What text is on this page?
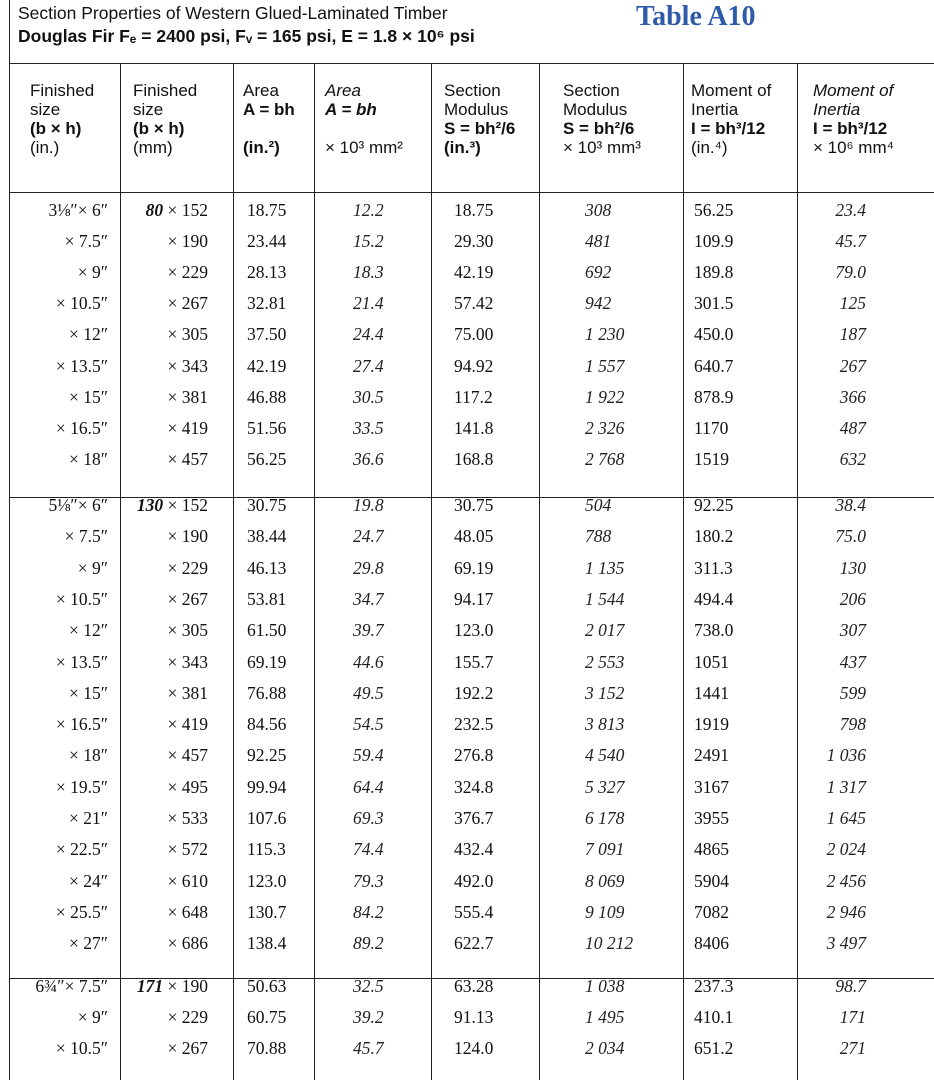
Section Properties of Western Glued-Laminated Timber
Douglas Fir Fₑ = 2400 psi, Fᵥ = 165 psi, E = 1.8 × 10⁶ psi
Table A10
Finished
size
(b × h)
(in.)
Finished
size
(b × h)
(mm)
Area
A = bh

(in.²)
Area
A = bh

× 10³ mm²
Section
Modulus
S = bh²/6
(in.³)
Section
Modulus
S = bh²/6
× 10³ mm³
Moment of
Inertia
I = bh³/12
(in.⁴)
Moment of
Inertia
I = bh³/12
× 10⁶ mm⁴
3⅛″× 6″	80 × 152 18.75	12.2	18.75	308	56.25	23.4
× 7.5″	× 190 23.44	15.2	29.30	481	109.9	45.7
× 9″	× 229 28.13	18.3	42.19	692	189.8	79.0
× 10.5″	× 267 32.81	21.4	57.42	942	301.5	125
× 12″	× 305 37.50	24.4	75.00	1 230	450.0	187
× 13.5″	× 343 42.19	27.4	94.92	1 557	640.7	267
× 15″	× 381 46.88	30.5	117.2	1 922	878.9	366
× 16.5″	× 419 51.56	33.5	141.8	2 326	1170	487
× 18″	× 457 56.25	36.6	168.8	2 768	1519	632
5⅛″× 6″	130 × 152 30.75	19.8	30.75	504	92.25	38.4
× 7.5″	× 190 38.44	24.7	48.05	788	180.2	75.0
× 9″	× 229 46.13	29.8	69.19	1 135	311.3	130
× 10.5″	× 267 53.81	34.7	94.17	1 544	494.4	206
× 12″	× 305 61.50	39.7	123.0	2 017	738.0	307
× 13.5″	× 343 69.19	44.6	155.7	2 553	1051	437
× 15″	× 381 76.88	49.5	192.2	3 152	1441	599
× 16.5″	× 419 84.56	54.5	232.5	3 813	1919	798
× 18″	× 457 92.25	59.4	276.8	4 540	2491	1 036
× 19.5″	× 495 99.94	64.4	324.8	5 327	3167	1 317
× 21″	× 533 107.6	69.3	376.7	6 178	3955	1 645
× 22.5″	× 572 115.3	74.4	432.4	7 091	4865	2 024
× 24″	× 610 123.0	79.3	492.0	8 069	5904	2 456
× 25.5″	× 648 130.7	84.2	555.4	9 109	7082	2 946
× 27″	× 686 138.4	89.2	622.7	10 212	8406	3 497
6¾″× 7.5″	171 × 190 50.63	32.5	63.28	1 038	237.3	98.7
× 9″	× 229 60.75	39.2	91.13	1 495	410.1	171
× 10.5″	× 267 70.88	45.7	124.0	2 034	651.2	271
